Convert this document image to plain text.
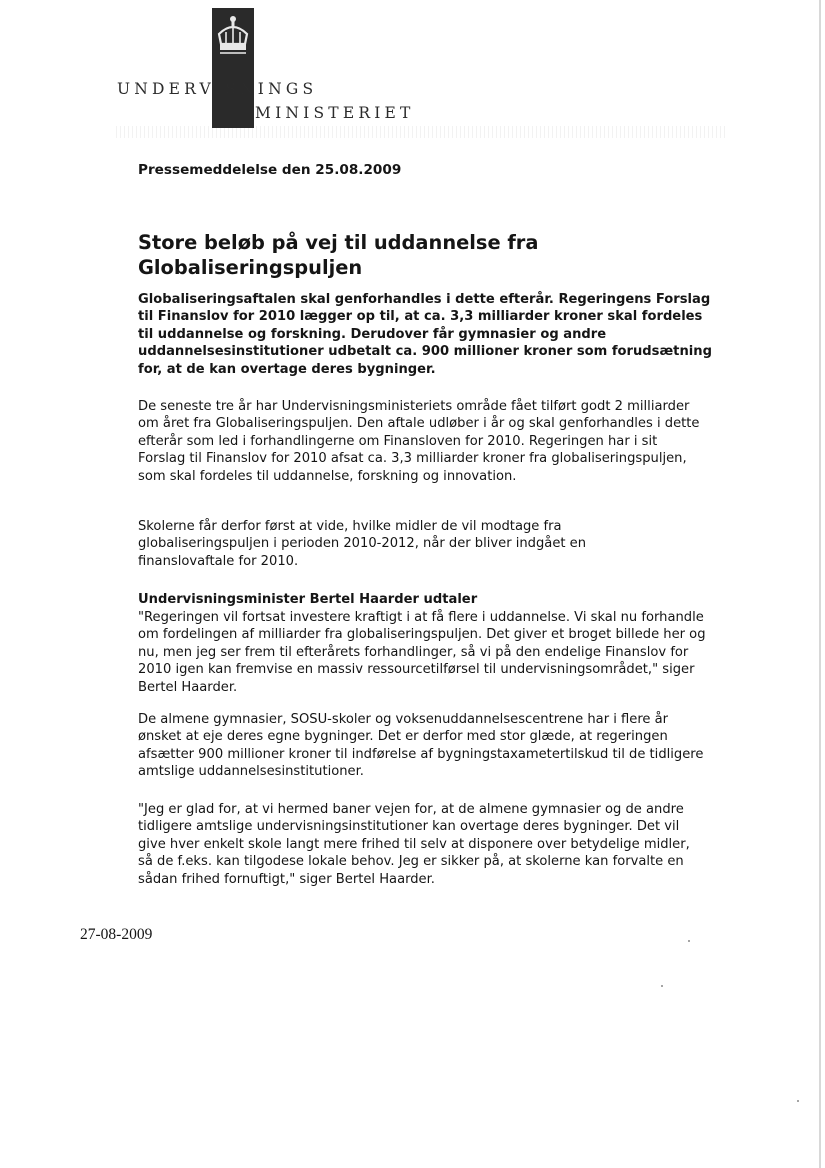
UNDERVISNINGS

MINISTERIET

Pressemeddelelse den 25.08.2009

Store beløb på vej til uddannelse fra Globaliseringspuljen

Globaliseringsaftalen skal genforhandles i dette efterår. Regeringens Forslag til Finanslov for 2010 lægger op til, at ca. 3,3 milliarder kroner skal fordeles til uddannelse og forskning. Derudover får gymnasier og andre uddannelsesinstitutioner udbetalt ca. 900 millioner kroner som forudsætning for, at de kan overtage deres bygninger.

De seneste tre år har Undervisningsministeriets område fået tilført godt 2 milliarder om året fra Globaliseringspuljen. Den aftale udløber i år og skal genforhandles i dette efterår som led i forhandlingerne om Finansloven for 2010. Regeringen har i sit Forslag til Finanslov for 2010 afsat ca. 3,3 milliarder kroner fra globaliseringspuljen, som skal fordeles til uddannelse, forskning og innovation.

Skolerne får derfor først at vide, hvilke midler de vil modtage fra globaliseringspuljen i perioden 2010-2012, når der bliver indgået en finanslovaftale for 2010.

Undervisningsminister Bertel Haarder udtaler

"Regeringen vil fortsat investere kraftigt i at få flere i uddannelse. Vi skal nu forhandle om fordelingen af milliarder fra globaliseringspuljen. Det giver et broget billede her og nu, men jeg ser frem til efterårets forhandlinger, så vi på den endelige Finanslov for 2010 igen kan fremvise en massiv ressourcetilførsel til undervisningsområdet," siger Bertel Haarder.

De almene gymnasier, SOSU-skoler og voksenuddannelsescentrene har i flere år ønsket at eje deres egne bygninger. Det er derfor med stor glæde, at regeringen afsætter 900 millioner kroner til indførelse af bygningstaxametertilskud til de tidligere amtslige uddannelsesinstitutioner.

"Jeg er glad for, at vi hermed baner vejen for, at de almene gymnasier og de andre tidligere amtslige undervisningsinstitutioner kan overtage deres bygninger. Det vil give hver enkelt skole langt mere frihed til selv at disponere over betydelige midler, så de f.eks. kan tilgodese lokale behov. Jeg er sikker på, at skolerne kan forvalte en sådan frihed fornuftigt," siger Bertel Haarder.

27-08-2009
